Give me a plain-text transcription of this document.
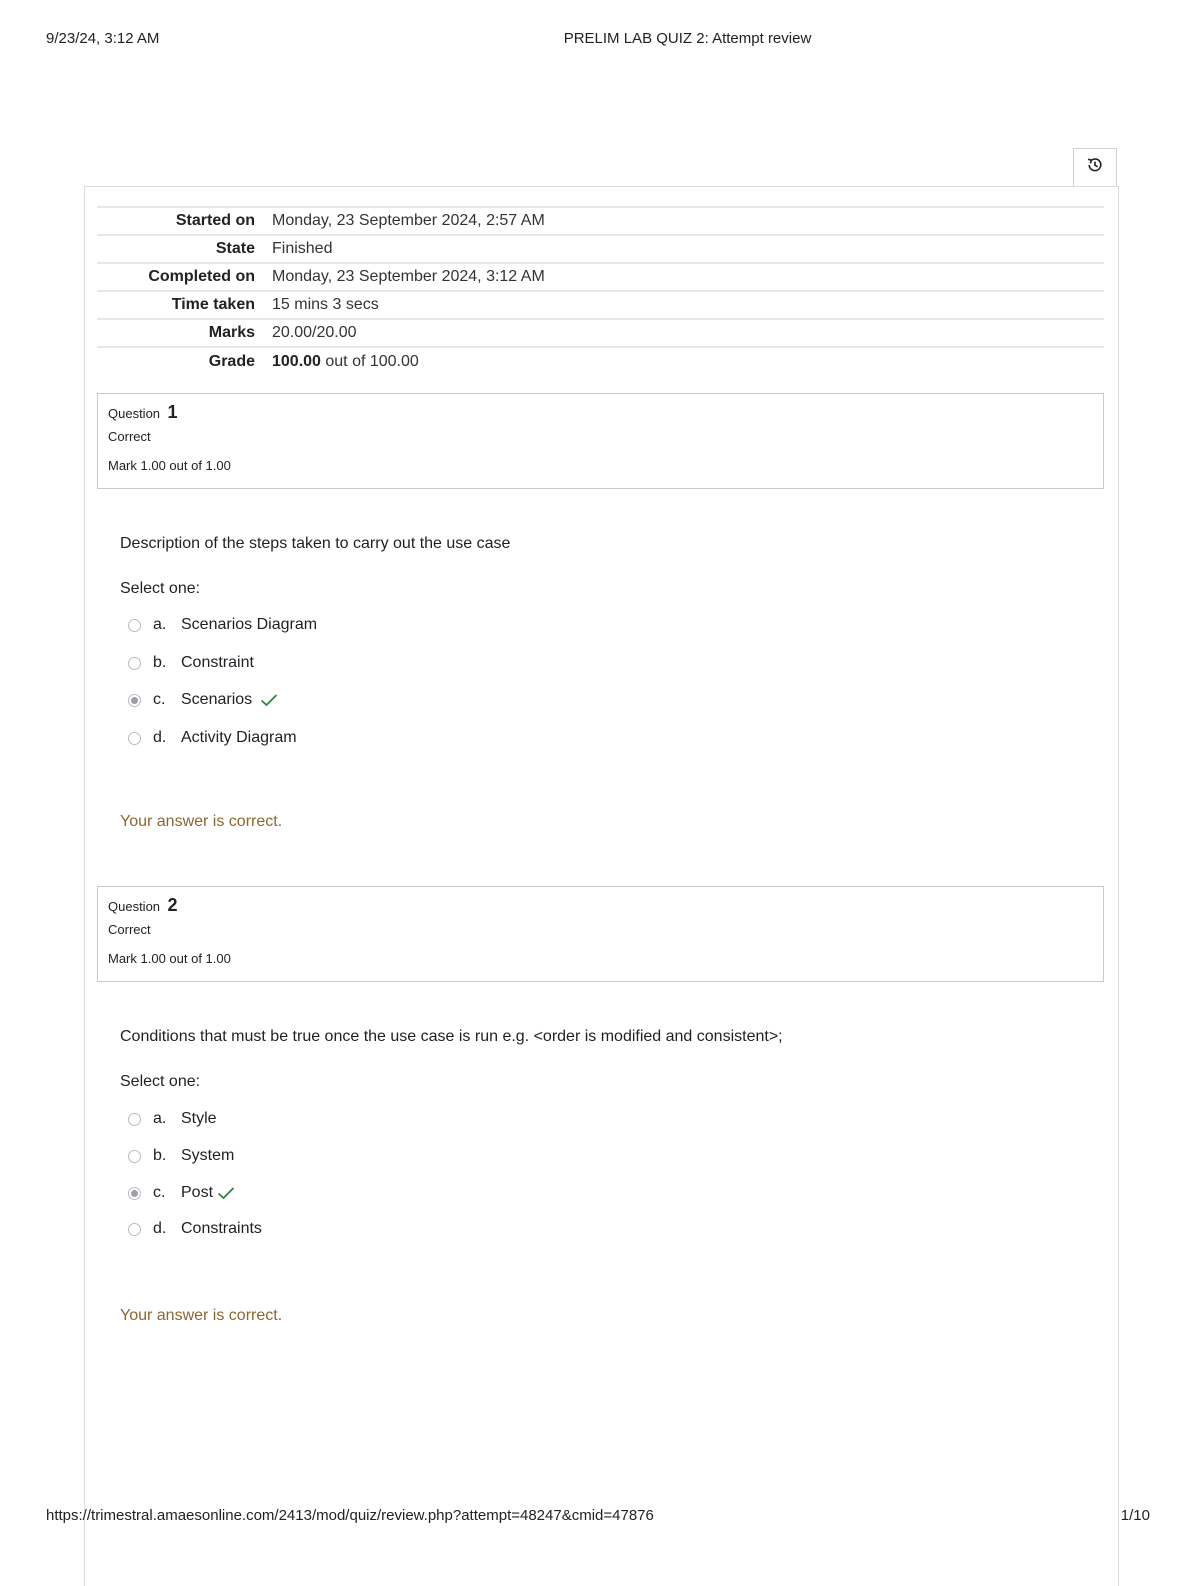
9/23/24, 3:12 AM	PRELIM LAB QUIZ 2: Attempt review
Started on	Monday, 23 September 2024, 2:57 AM
State	Finished
Completed on	Monday, 23 September 2024, 3:12 AM
Time taken	15 mins 3 secs
Marks	20.00/20.00
Grade	100.00 out of 100.00
Question 1
Correct
Mark 1.00 out of 1.00
Description of the steps taken to carry out the use case
Select one:
a. Scenarios Diagram
b. Constraint
c. Scenarios
d. Activity Diagram
Your answer is correct.
Question 2
Correct
Mark 1.00 out of 1.00
Conditions that must be true once the use case is run e.g. <order is modified and consistent>;
Select one:
a. Style
b. System
c. Post
d. Constraints
Your answer is correct.
https://trimestral.amaesonline.com/2413/mod/quiz/review.php?attempt=48247&cmid=47876	1/10
